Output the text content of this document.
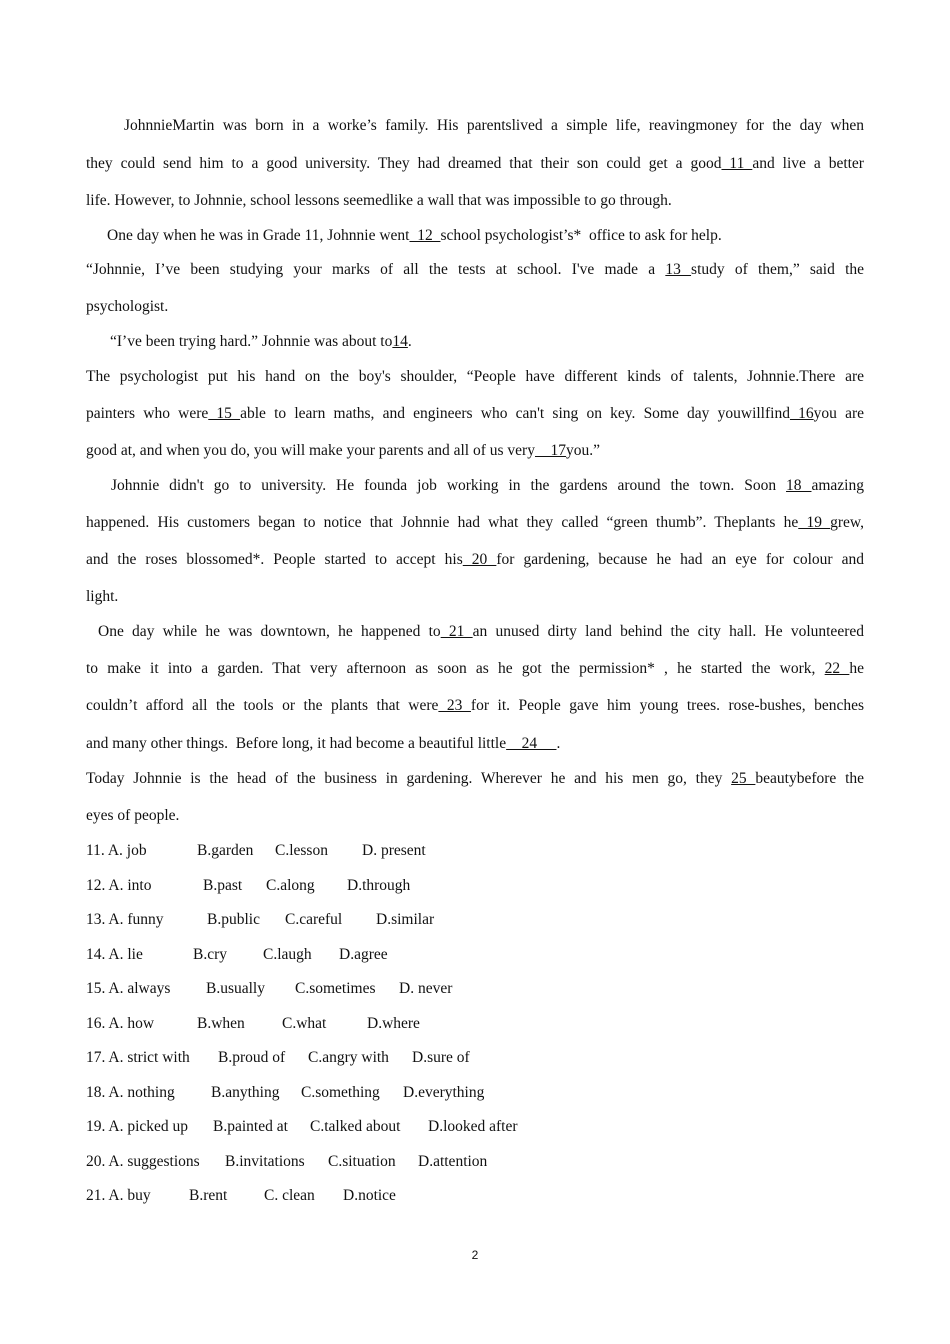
JohnnieMartin was born in a worke’s family. His parentslived a simple life, reavingmoney for the day when
they could send him to a good university. They had dreamed that their son could get a good 11 and live a better
life. However, to Johnnie, school lessons seemedlike a wall that was impossible to go through.
One day when he was in Grade 11, Johnnie went  12  school psychologist’s*  office to ask for help.
“Johnnie, I’ve been studying your marks of all the tests at school. I've made a 13 study of them,” said the
psychologist.
“I’ve been trying hard.” Johnnie was about to14.
The psychologist put his hand on the boy's shoulder, “People have different kinds of talents, Johnnie.There are
painters who were 15 able to learn maths, and engineers who can't sing on key. Some day youwillfind 16you are
good at, and when you do, you will make your parents and all of us very    17you.”
Johnnie didn't go to university. He founda job working in the gardens around the town. Soon 18 amazing
happened. His customers began to notice that Johnnie had what they called “green thumb”. Theplants he 19 grew,
and the roses blossomed*. People started to accept his 20 for gardening, because he had an eye for colour and
light.
One day while he was downtown, he happened to 21 an unused dirty land behind the city hall. He volunteered
to make it into a garden. That very afternoon as soon as he got the permission* , he started the work, 22 he
couldn’t afford all the tools or the plants that were 23 for it. People gave him young trees. rose-bushes, benches
and many other things.  Before long, it had become a beautiful little    24     .
Today Johnnie is the head of the business in gardening. Wherever he and his men go, they 25 beautybefore the
eyes of people.
11. A. job	B.garden C.lesson D. present
12. A. into	B.past C.along D.through
13. A. funny	B.public C.careful D.similar
14. A. lie	B.cry C.laugh D.agree
15. A. always B.usually C.sometimes D. never
16. A. how	B.when C.what	D.where
17. A. strict with B.proud of C.angry with D.sure of
18. A. nothing B.anything C.something D.everything
19. A. picked up B.painted at C.talked about D.looked after
20. A. suggestions B.invitations C.situation D.attention
21. A. buy B.rent C. clean D.notice
2
